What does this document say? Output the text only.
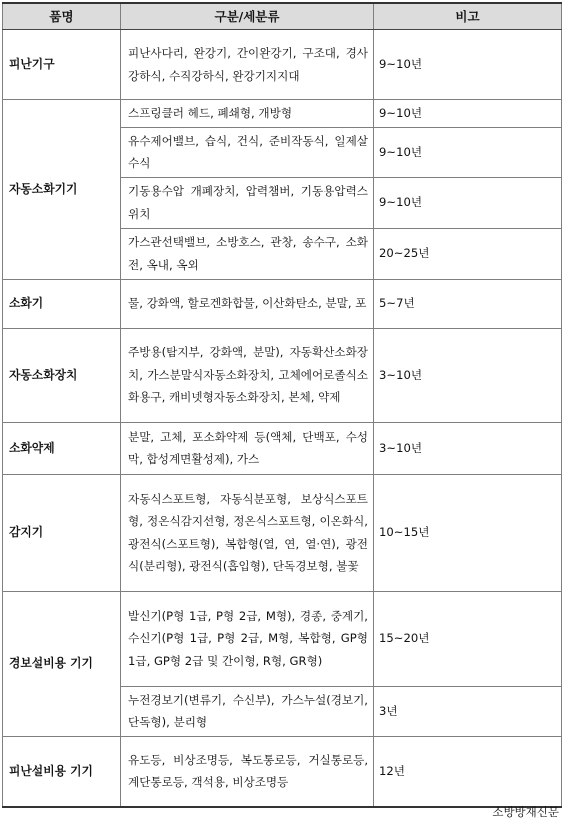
품명	구분/세분류	비고
피난기구	피난사다리, 완강기, 간이완강기, 구조대, 경사강하식, 수직강하식, 완강기지지대	9~10년
자동소화기기	스프링클러 헤드, 폐쇄형, 개방형	9~10년
	유수제어밸브, 습식, 건식, 준비작동식, 일제살수식	9~10년
	기동용수압 개폐장치, 압력챔버, 기동용압력스위치	9~10년
	가스관선택밸브, 소방호스, 관창, 송수구, 소화전, 옥내, 옥외	20~25년
소화기	물, 강화액, 할로겐화합물, 이산화탄소, 분말, 포	5~7년
자동소화장치	주방용(탐지부, 강화액, 분말), 자동확산소화장치, 가스분말식자동소화장치, 고체에어로졸식소화용구, 캐비넷형자동소화장치, 본체, 약제	3~10년
소화약제	분말, 고체, 포소화약제 등(액체, 단백포, 수성막, 합성계면활성제), 가스	3~10년
감지기	자동식스포트형, 자동식분포형, 보상식스포트형, 정온식감지선형, 정온식스포트형, 이온화식, 광전식(스포트형), 복합형(열, 연, 열·연), 광전식(분리형), 광전식(흡입형), 단독경보형, 불꽃	10~15년
경보설비용 기기	발신기(P형 1급, P형 2급, M형), 경종, 중계기, 수신기(P형 1급, P형 2급, M형, 복합형, GP형 1급, GP형 2급 및 간이형, R형, GR형)	15~20년
	누전경보기(변류기, 수신부), 가스누설(경보기, 단독형), 분리형	3년
피난설비용 기기	유도등, 비상조명등, 복도통로등, 거실통로등, 계단통로등, 객석용, 비상조명등	12년
소방방재신문
